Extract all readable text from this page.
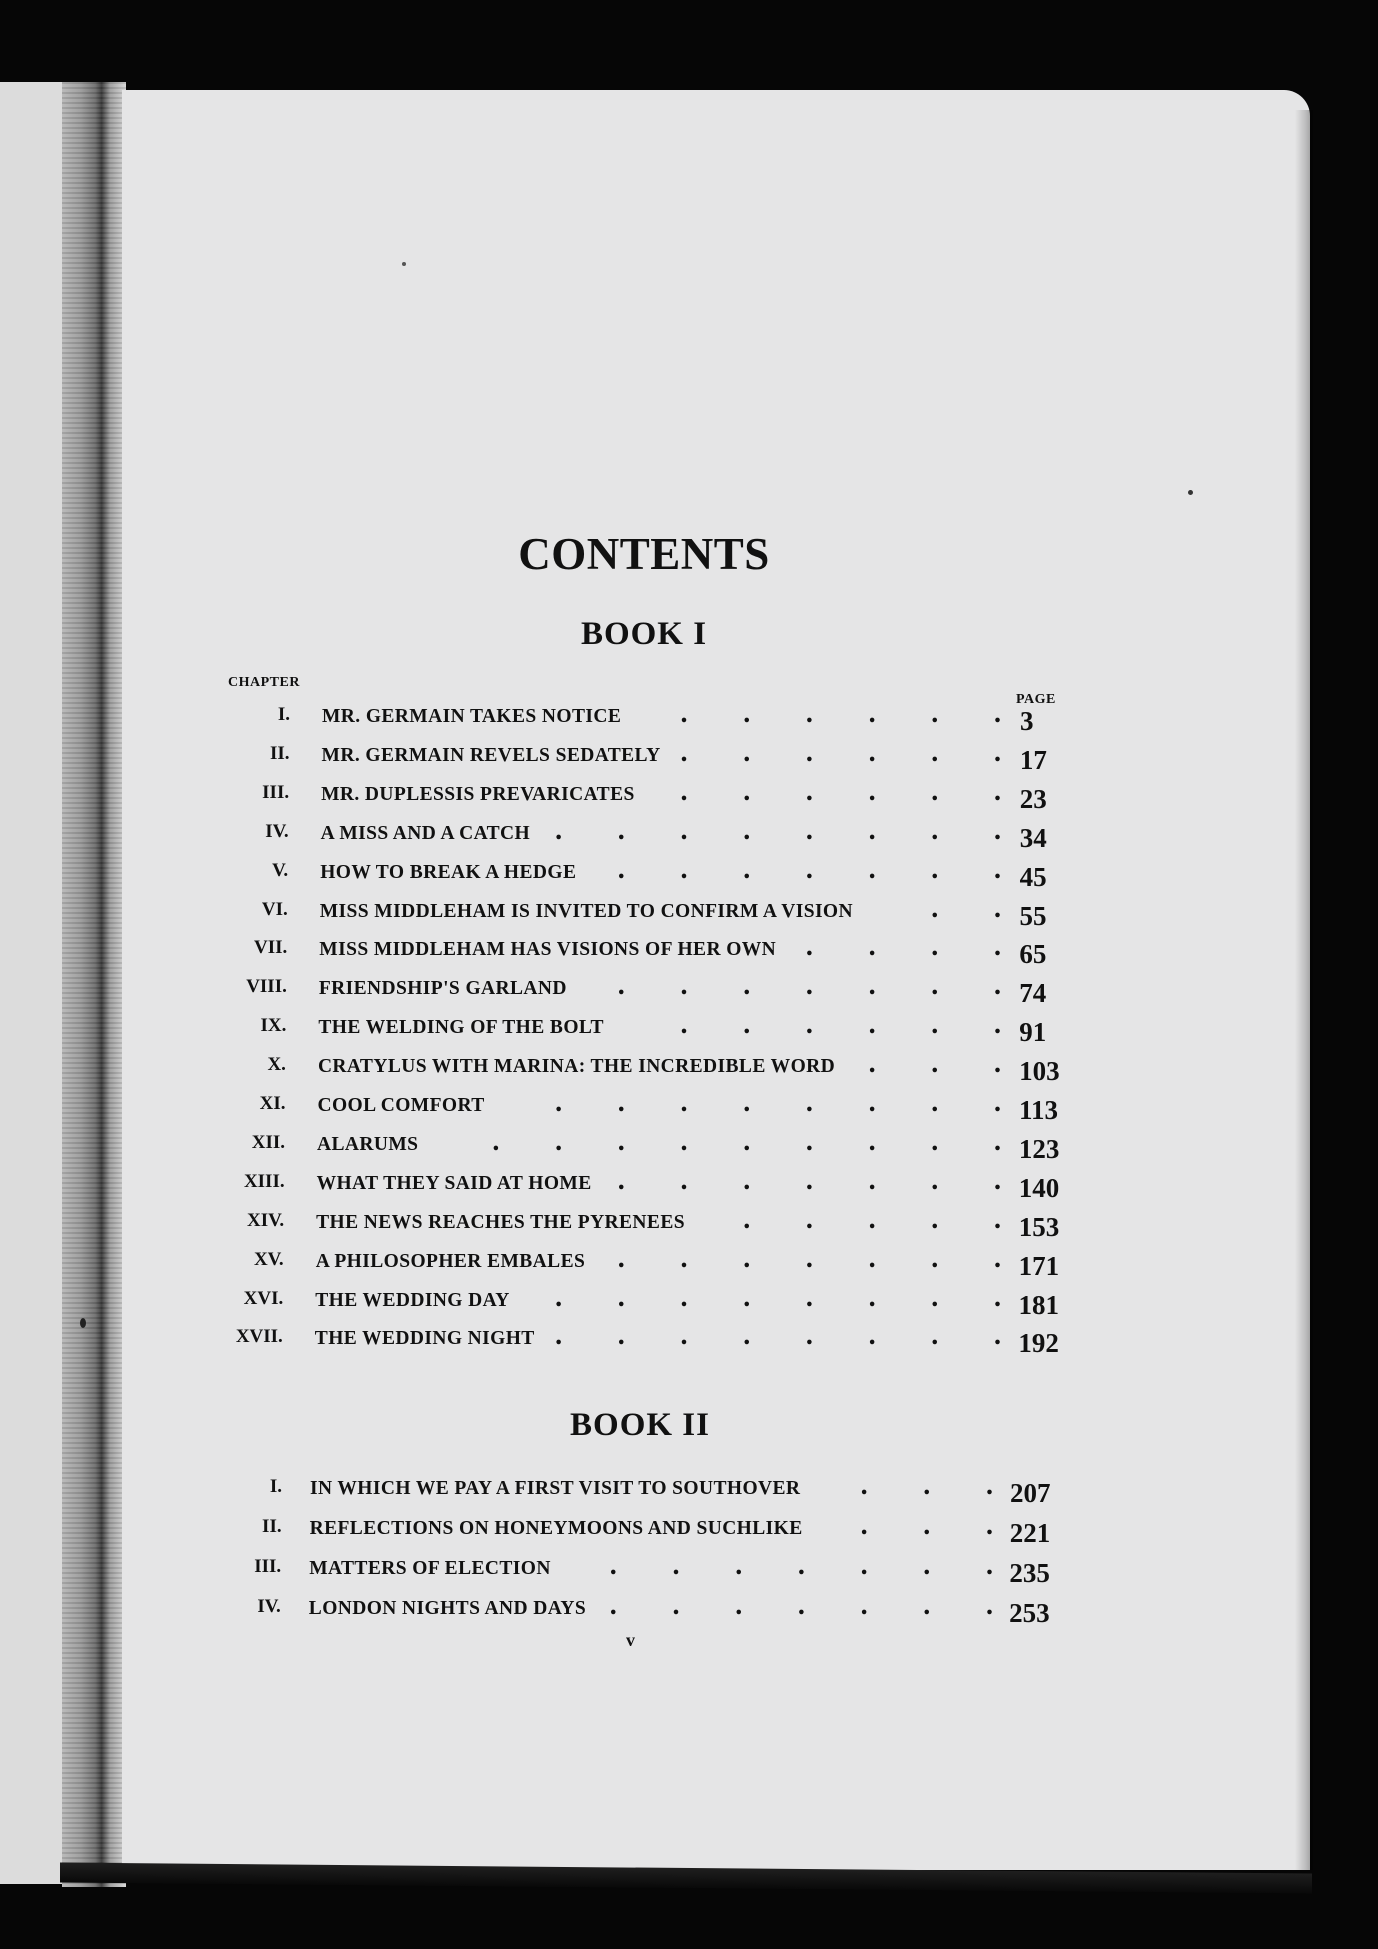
CONTENTS
BOOK I
CHAPTER
PAGE
I. MR. GERMAIN TAKES NOTICE	3
.
.
.
.
.
.
II. MR. GERMAIN REVELS SEDATELY	17
.
.
.
.
.
.
III. MR. DUPLESSIS PREVARICATES	23
.
.
.
.
.
.
IV. A MISS AND A CATCH	34
.
.
.
.
.
.
.
.
V. HOW TO BREAK A HEDGE	45
.
.
.
.
.
.
.
VI. MISS MIDDLEHAM IS INVITED TO CONFIRM A VISION	55
.
.
VII. MISS MIDDLEHAM HAS VISIONS OF HER OWN	65
.
.
.
.
VIII. FRIENDSHIP'S GARLAND	74
.
.
.
.
.
.
.
IX. THE WELDING OF THE BOLT	91
.
.
.
.
.
.
X. CRATYLUS WITH MARINA: THE INCREDIBLE WORD	103
.
.
.
XI. COOL COMFORT	113
.
.
.
.
.
.
.
.
XII. ALARUMS	123
.
.
.
.
.
.
.
.
.
XIII. WHAT THEY SAID AT HOME	140
.
.
.
.
.
.
.
XIV. THE NEWS REACHES THE PYRENEES	153
.
.
.
.
.
XV. A PHILOSOPHER EMBALES	171
.
.
.
.
.
.
.
XVI. THE WEDDING DAY	181
.
.
.
.
.
.
.
.
XVII. THE WEDDING NIGHT	192
.
.
.
.
.
.
.
.
BOOK II
I. IN WHICH WE PAY A FIRST VISIT TO SOUTHOVER	207
.
.
.
II. REFLECTIONS ON HONEYMOONS AND SUCHLIKE	221
.
.
.
III. MATTERS OF ELECTION	235
.
.
.
.
.
.
.
IV. LONDON NIGHTS AND DAYS	253
.
.
.
.
.
.
.
v
